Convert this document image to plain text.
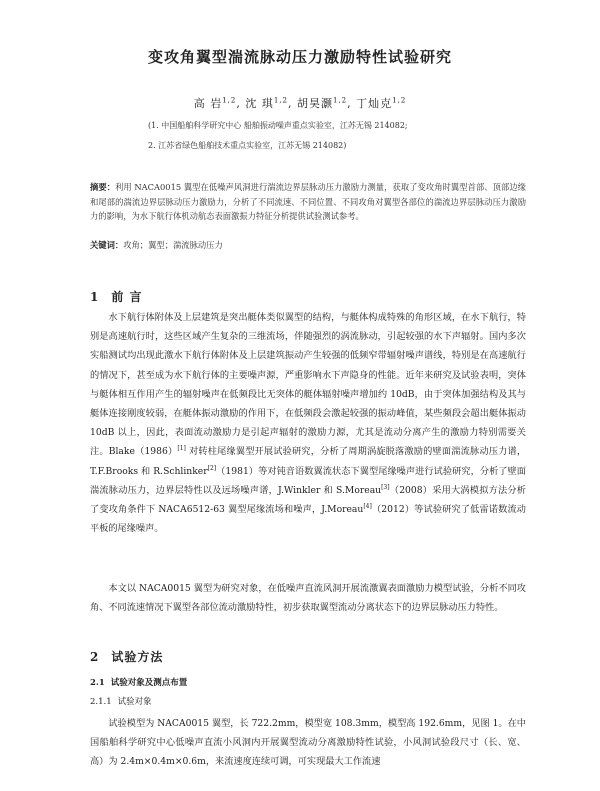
变攻角翼型湍流脉动压力激励特性试验研究
高 岩$^{1,2}$, 沈 琪$^{1,2}$, 胡昊灏$^{1,2}$, 丁灿克$^{1,2}$
(1. 中国船舶科学研究中心 船舶振动噪声重点实验室，江苏无锡 214082;
2. 江苏省绿色船舶技术重点实验室，江苏无锡 214082)
摘要：利用 NACA0015 翼型在低噪声风洞进行湍流边界层脉动压力激励力测量，获取了变攻角时翼型首部、顶部边缘和尾部的湍流边界层脉动压力激励力，分析了不同流速、不同位置、不同攻角对翼型各部位的湍流边界层脉动压力激励力的影响，为水下航行体机动航态表面激振力特征分析提供试验测试参考。
关键词：攻角；翼型；湍流脉动压力
1 前 言

水下航行体附体及上层建筑是突出艇体类似翼型的结构，与艇体构成特殊的角形区域，在水下航行，特别是高速航行时，这些区域产生复杂的三维流场，伴随强烈的涡流脉动，引起较强的水下声辐射。国内多次实船测试均出现此激水下航行体附体及上层建筑振动产生较强的低频窄带辐射噪声谱线，特别是在高速航行的情况下，甚至成为水下航行体的主要噪声源，严重影响水下声隐身的性能。近年来研究及试验表明，突体与艇体相互作用产生的辐射噪声在低频段比无突体的艇体辐射噪声增加约 10dB，由于突体加强结构及其与艇体连接刚度较弱，在艇体振动激励的作用下，在低频段会激起较强的振动峰值，某些频段会超出艇体振动 10dB 以上，因此，表面流动激励力是引起声辐射的激励力源，尤其是流动分离产生的激励力特别需要关注。Blake（1986）[1] 对转柱尾缘翼型开展试验研究，分析了周期涡旋脱落激励的壁面湍流脉动压力谱，T.F.Brooks 和 R.Schlinker[2]（1981）等对钝音语数翼流状态下翼型尾缘噪声进行试验研究，分析了壁面湍流脉动压力，边界层特性以及远场噪声谱，J.Winkler 和 S.Moreau[3]（2008）采用大涡模拟方法分析了变攻角条件下 NACA6512-63 翼型尾缘流场和噪声，J.Moreau[4]（2012）等试验研究了低雷诺数流动平板的尾缘噪声。

本文以 NACA0015 翼型为研究对象，在低噪声直流风洞开展流激翼表面激励力模型试验，分析不同攻角、不同流速情况下翼型各部位流动激励特性，初步获取翼型流动分离状态下的边界层脉动压力特性。

2 试验方法
2.1 试验对象及测点布置
2.1.1 试验对象

试验模型为 NACA0015 翼型，长 722.2mm，模型宽 108.3mm，模型高 192.6mm，见图 1。在中国船舶科学研究中心低噪声直流小风洞内开展翼型流动分离激励特性试验，小风洞试验段尺寸（长、宽、高）为 2.4m×0.4m×0.6m，来流速度连续可调，可实现最大工作流速
